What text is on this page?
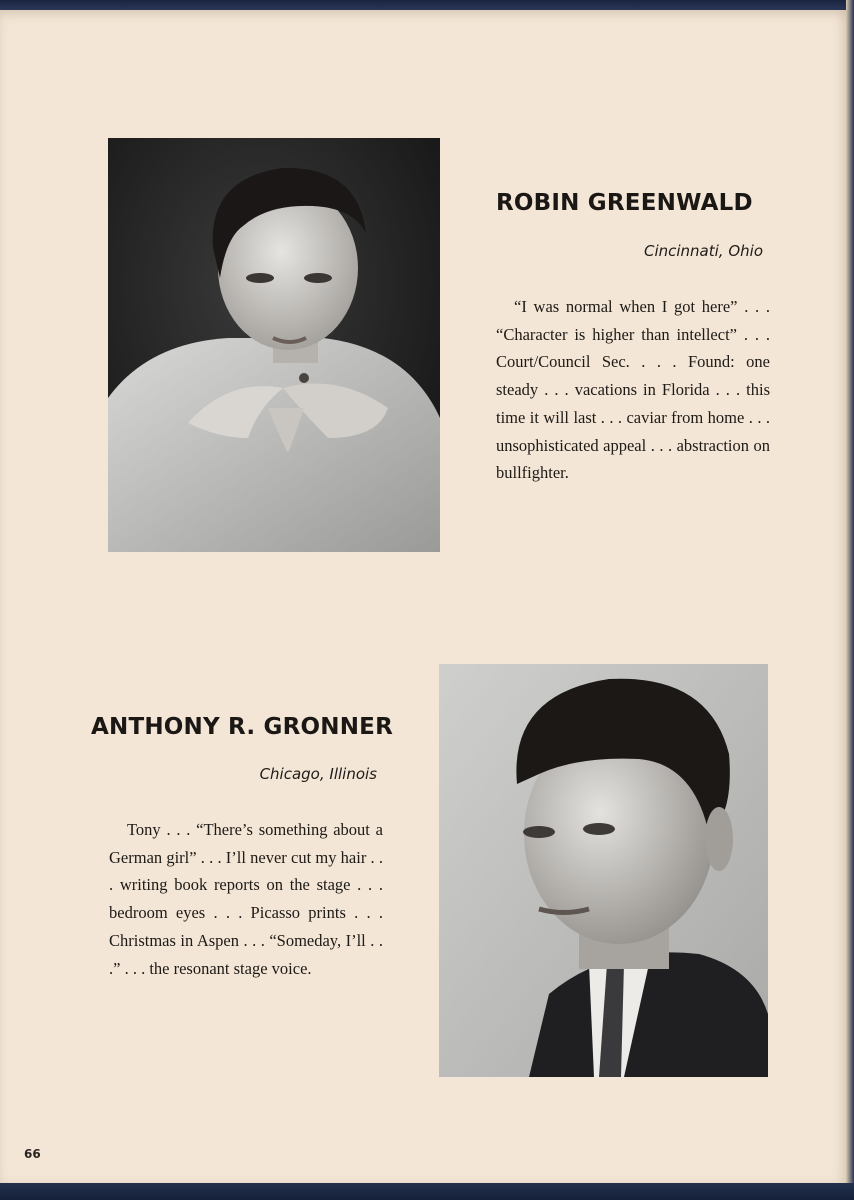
ROBIN GREENWALD
Cincinnati, Ohio

“I was normal when I got here” . . . “Character is higher than intellect” . . . Court/Council Sec. . . . Found: one steady . . . vacations in Florida . . . this time it will last . . . caviar from home . . . unsophisticated appeal . . . abstraction on bullfighter.

ANTHONY R. GRONNER
Chicago, Illinois

Tony . . . “There’s something about a German girl” . . . I’ll never cut my hair . . . writing book reports on the stage . . . bedroom eyes . . . Picasso prints . . . Christmas in Aspen . . . “Someday, I’ll . . .” . . . the resonant stage voice.

66
